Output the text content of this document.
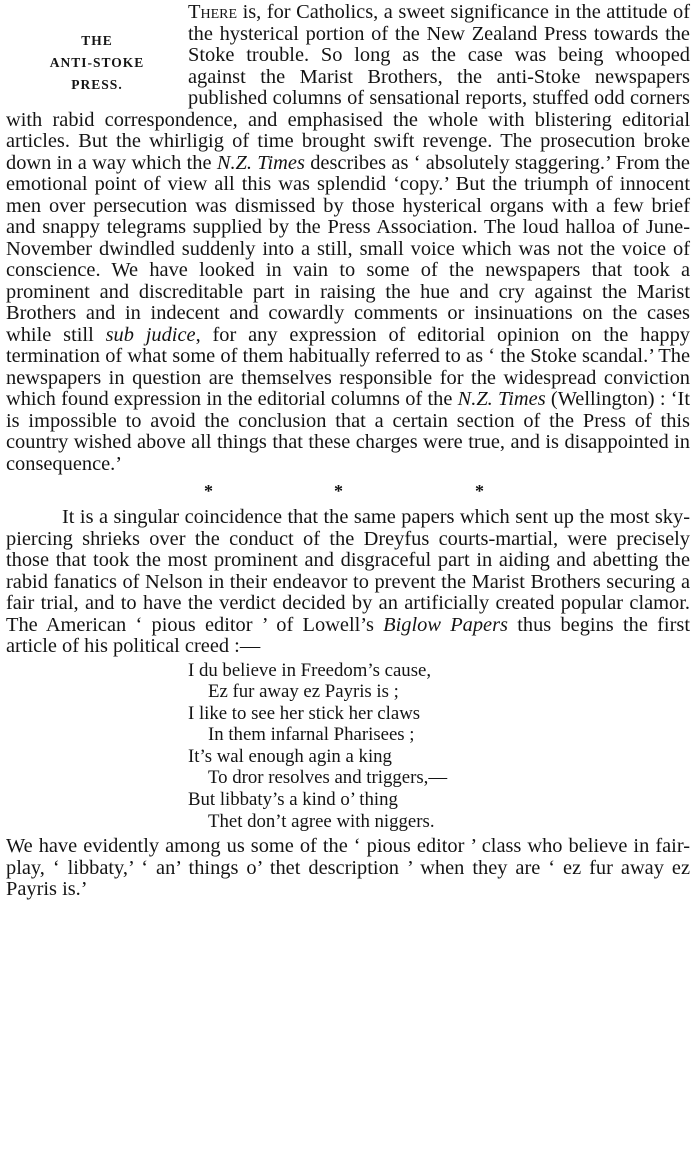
THE
ANTI-STOKE
PRESS.
There is, for Catholics, a sweet significance in the attitude of the hysterical portion of the New Zealand Press towards the Stoke trouble. So long as the case was being whooped against the Marist Brothers, the anti-Stoke newspapers published columns of sensational reports, stuffed odd corners with rabid correspondence, and emphasised the whole with blistering editorial articles. But the whirligig of time brought swift revenge. The prosecution broke down in a way which the N.Z. Times describes as ‘ absolutely staggering.’ From the emotional point of view all this was splendid ‘copy.’ But the triumph of innocent men over persecution was dismissed by those hysterical organs with a few brief and snappy telegrams supplied by the Press Association. The loud halloa of June-November dwindled suddenly into a still, small voice which was not the voice of conscience. We have looked in vain to some of the newspapers that took a prominent and discreditable part in raising the hue and cry against the Marist Brothers and in indecent and cowardly comments or insinuations on the cases while still sub judice, for any expression of editorial opinion on the happy termination of what some of them habitually referred to as ‘ the Stoke scandal.’ The newspapers in question are themselves responsible for the widespread conviction which found expression in the editorial columns of the N.Z. Times (Wellington) : ‘It is impossible to avoid the conclusion that a certain section of the Press of this country wished above all things that these charges were true, and is disappointed in consequence.’
*	*	*
It is a singular coincidence that the same papers which sent up the most sky-piercing shrieks over the conduct of the Dreyfus courts-martial, were precisely those that took the most prominent and disgraceful part in aiding and abetting the rabid fanatics of Nelson in their endeavor to prevent the Marist Brothers securing a fair trial, and to have the verdict decided by an artificially created popular clamor. The American ‘ pious editor ’ of Lowell’s Biglow Papers thus begins the first article of his political creed :—
I du believe in Freedom’s cause,
Ez fur away ez Payris is ;
I like to see her stick her claws
In them infarnal Pharisees ;
It’s wal enough agin a king
To dror resolves and triggers,—
But libbaty’s a kind o’ thing
Thet don’t agree with niggers.
We have evidently among us some of the ‘ pious editor ’ class who believe in fair-play, ‘ libbaty,’ ‘ an’ things o’ thet description ’ when they are ‘ ez fur away ez Payris is.’
